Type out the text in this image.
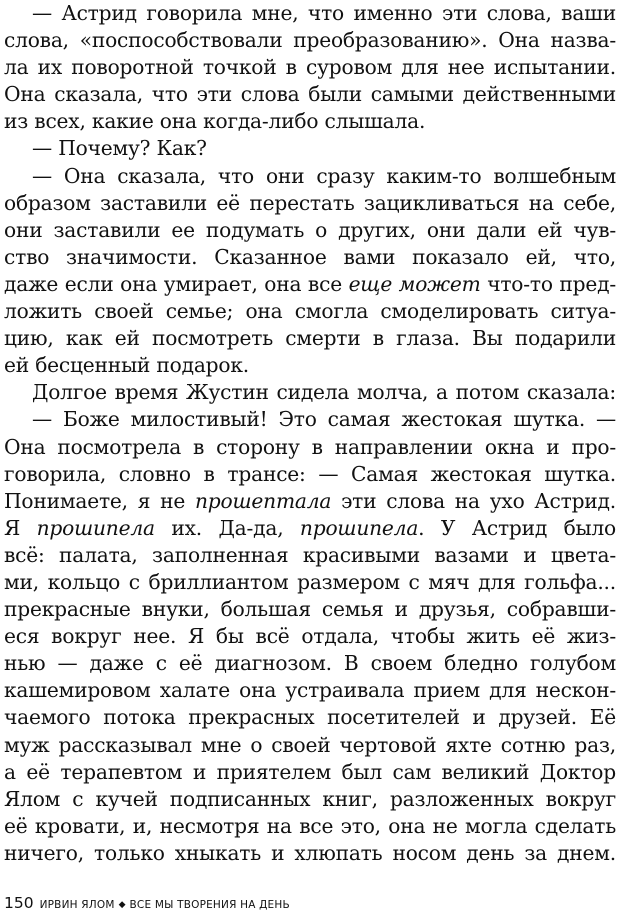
— Астрид говорила мне, что именно эти слова, ваши
слова, «поспособствовали преобразованию». Она назва-
ла их поворотной точкой в суровом для нее испытании.
Она сказала, что эти слова были самыми действенными
из всех, какие она когда-либо слышала.
— Почему? Как?
— Она сказала, что они сразу каким-то волшебным
образом заставили её перестать зацикливаться на себе,
они заставили ее подумать о других, они дали ей чув-
ство значимости. Сказанное вами показало ей, что,
даже если она умирает, она все еще может что-то пред-
ложить своей семье; она смогла смоделировать ситуа-
цию, как ей посмотреть смерти в глаза. Вы подарили
ей бесценный подарок.
Долгое время Жустин сидела молча, а потом сказала:
— Боже милостивый! Это самая жестокая шутка. —
Она посмотрела в сторону в направлении окна и про-
говорила, словно в трансе: — Самая жестокая шутка.
Понимаете, я не прошептала эти слова на ухо Астрид.
Я прошипела их. Да-да, прошипела. У Астрид было
всё: палата, заполненная красивыми вазами и цвета-
ми, кольцо с бриллиантом размером с мяч для гольфа...
прекрасные внуки, большая семья и друзья, собравши-
еся вокруг нее. Я бы всё отдала, чтобы жить её жиз-
нью — даже с её диагнозом. В своем бледно голубом
кашемировом халате она устраивала прием для нескон-
чаемого потока прекрасных посетителей и друзей. Её
муж рассказывал мне о своей чертовой яхте сотню раз,
а её терапевтом и приятелем был сам великий Доктор
Ялом с кучей подписанных книг, разложенных вокруг
её кровати, и, несмотря на все это, она не могла сделать
ничего, только хныкать и хлюпать носом день за днем.
150 ИРВИН ЯЛОМ ◆ ВСЕ МЫ ТВОРЕНИЯ НА ДЕНЬ
